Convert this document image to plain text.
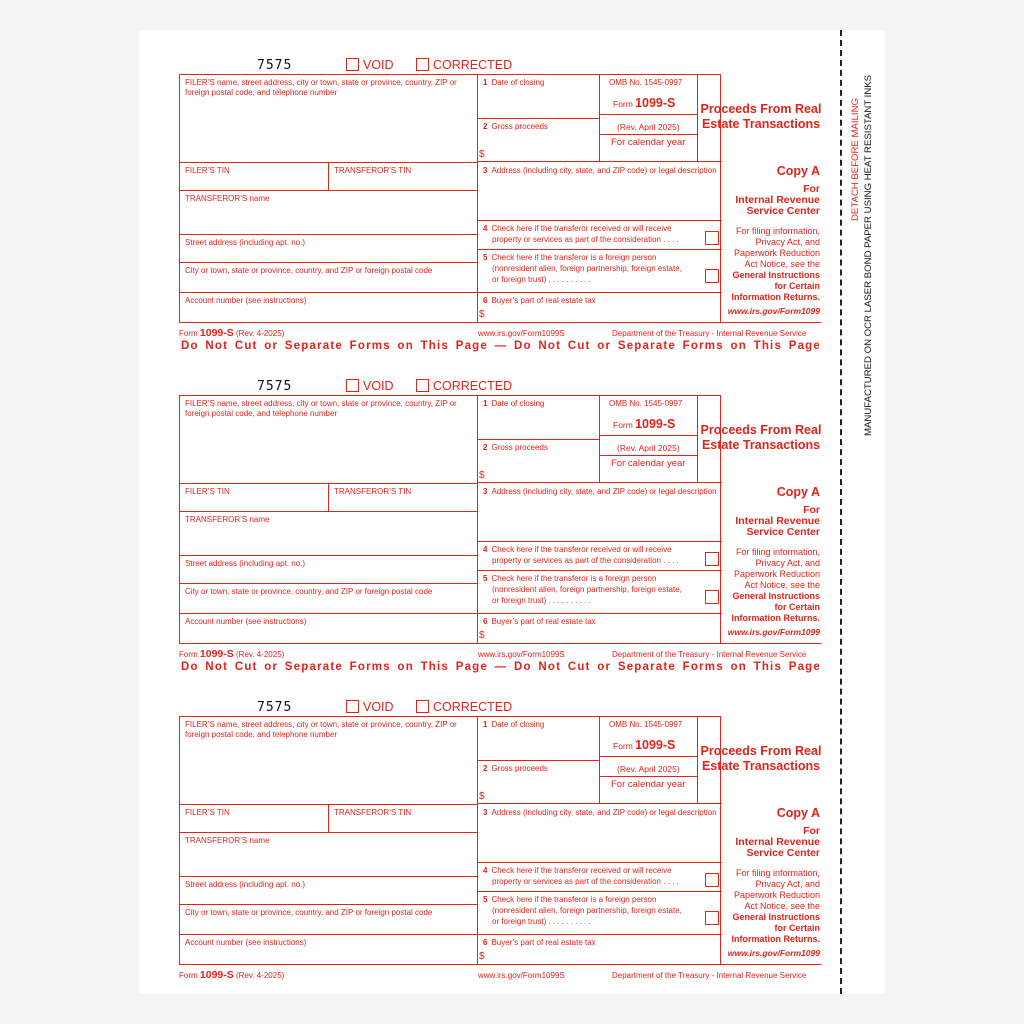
DETACH BEFORE MAILING MANUFACTURED ON OCR LASER BOND PAPER USING HEAT RESISTANT INKS
7575	VOID	CORRECTED
FILER’S name, street address, city or town, state or province, country, ZIP or foreign postal code, and telephone number
FILER’S TIN	TRANSFEROR’S TIN
TRANSFEROR’S name
Street address (including apt. no.)
City or town, state or province, country, and ZIP or foreign postal code
Account number (see instructions)
1 Date of closing
2 Gross proceeds
$
OMB No. 1545-0997
Form 1099-S
(Rev. April 2025)
For calendar year
Proceeds From Real
Estate Transactions
3 Address (including city, state, and ZIP code) or legal description
4 Check here if the transferor received or will receive
property or services as part of the consideration . . . .
5 Check here if the transferor is a foreign person
(nonresident alien, foreign partnership, foreign estate,
or foreign trust) . . . . . . . . . .
6 Buyer’s part of real estate tax
$
Copy A
For
Internal Revenue
Service Center
For filing information,
Privacy Act, and
Paperwork Reduction
Act Notice, see the
General Instructions
for Certain
Information Returns.
www.irs.gov/Form1099
Form 1099-S (Rev. 4-2025)	www.irs.gov/Form1099S	Department of the Treasury - Internal Revenue Service
7575	VOID	CORRECTED
FILER’S name, street address, city or town, state or province, country, ZIP or foreign postal code, and telephone number
FILER’S TIN	TRANSFEROR’S TIN
TRANSFEROR’S name
Street address (including apt. no.)
City or town, state or province, country, and ZIP or foreign postal code
Account number (see instructions)
1 Date of closing
2 Gross proceeds
$
OMB No. 1545-0997
Form 1099-S
(Rev. April 2025)
For calendar year
Proceeds From Real
Estate Transactions
3 Address (including city, state, and ZIP code) or legal description
4 Check here if the transferor received or will receive
property or services as part of the consideration . . . .
5 Check here if the transferor is a foreign person
(nonresident alien, foreign partnership, foreign estate,
or foreign trust) . . . . . . . . . .
6 Buyer’s part of real estate tax
$
Copy A
For
Internal Revenue
Service Center
For filing information,
Privacy Act, and
Paperwork Reduction
Act Notice, see the
General Instructions
for Certain
Information Returns.
www.irs.gov/Form1099
Form 1099-S (Rev. 4-2025)	www.irs.gov/Form1099S	Department of the Treasury - Internal Revenue Service
7575	VOID	CORRECTED
FILER’S name, street address, city or town, state or province, country, ZIP or foreign postal code, and telephone number
FILER’S TIN	TRANSFEROR’S TIN
TRANSFEROR’S name
Street address (including apt. no.)
City or town, state or province, country, and ZIP or foreign postal code
Account number (see instructions)
1 Date of closing
2 Gross proceeds
$
OMB No. 1545-0997
Form 1099-S
(Rev. April 2025)
For calendar year
Proceeds From Real
Estate Transactions
3 Address (including city, state, and ZIP code) or legal description
4 Check here if the transferor received or will receive
property or services as part of the consideration . . . .
5 Check here if the transferor is a foreign person
(nonresident alien, foreign partnership, foreign estate,
or foreign trust) . . . . . . . . . .
6 Buyer’s part of real estate tax
$
Copy A
For
Internal Revenue
Service Center
For filing information,
Privacy Act, and
Paperwork Reduction
Act Notice, see the
General Instructions
for Certain
Information Returns.
www.irs.gov/Form1099
Form 1099-S (Rev. 4-2025)	www.irs.gov/Form1099S	Department of the Treasury - Internal Revenue Service
Do Not Cut or Separate Forms on This Page — Do Not Cut or Separate Forms on This Page
Do Not Cut or Separate Forms on This Page — Do Not Cut or Separate Forms on This Page
